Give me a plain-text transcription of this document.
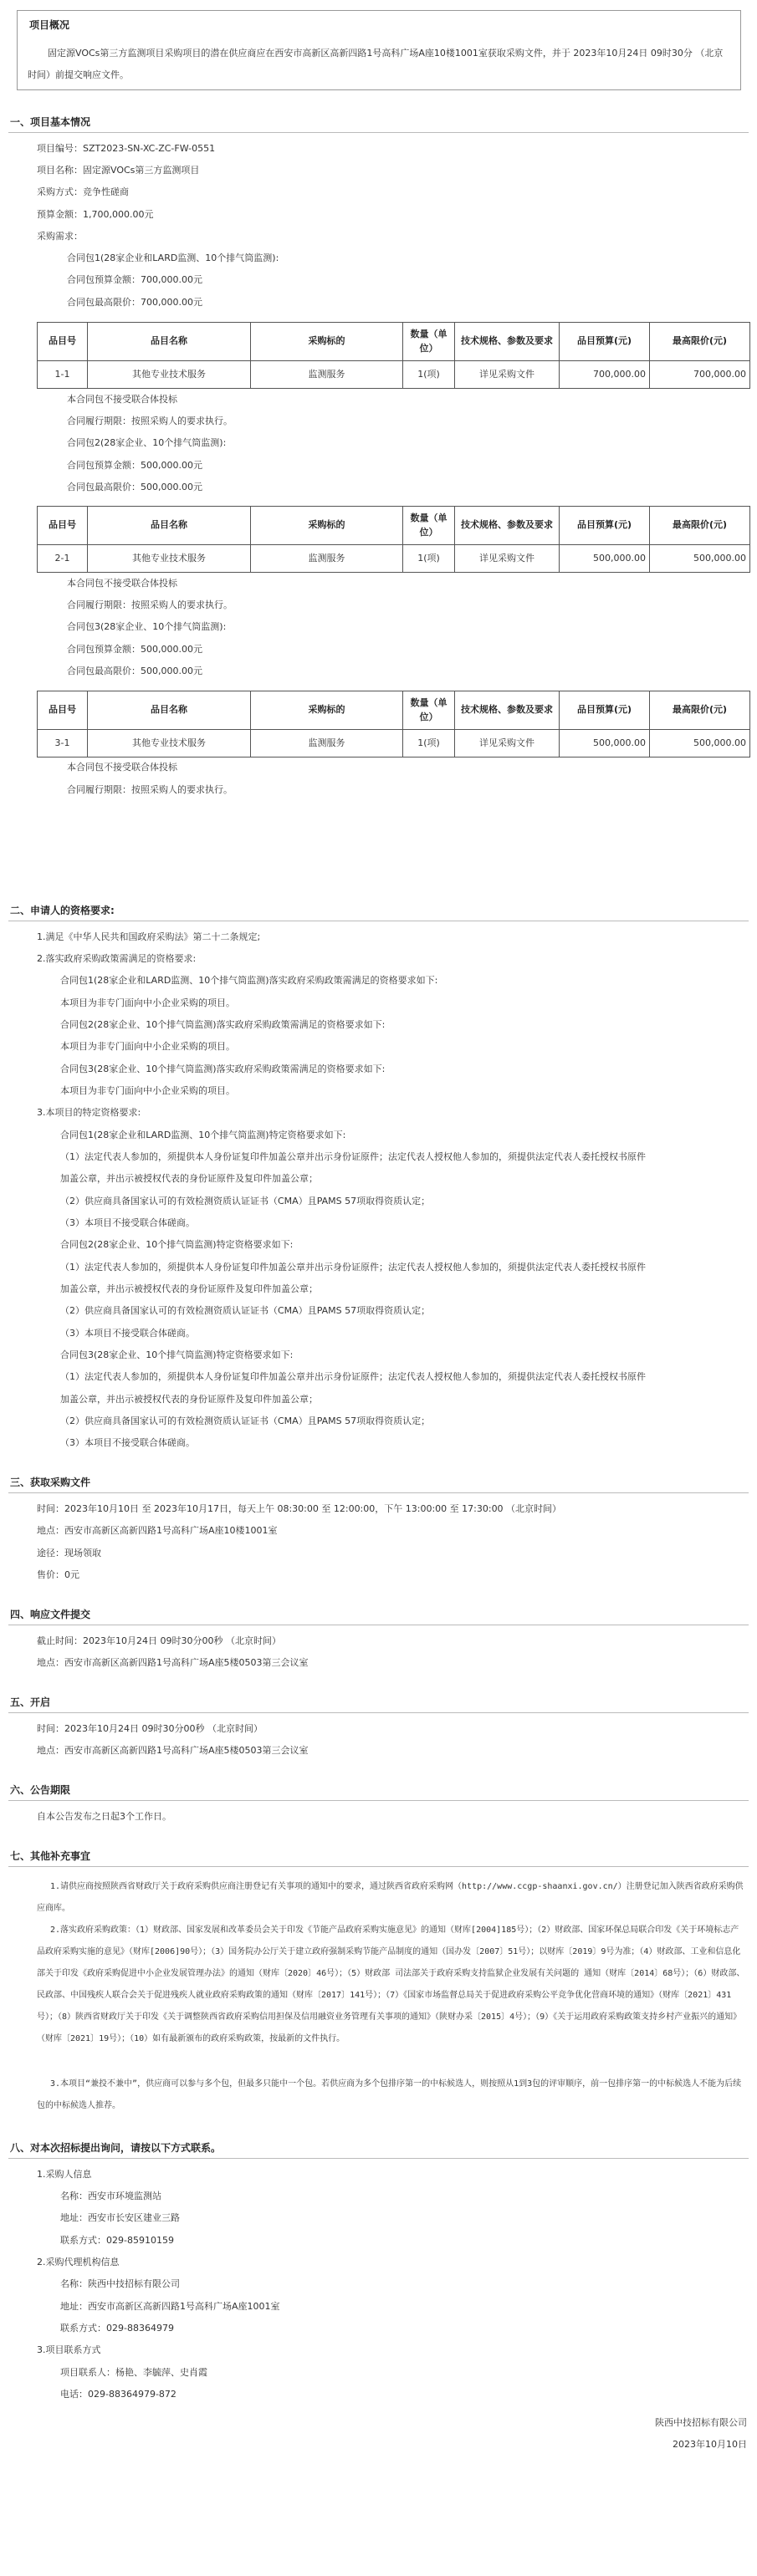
项目概况
固定源VOCs第三方监测项目采购项目的潜在供应商应在西安市高新区高新四路1号高科广场A座10楼1001室获取采购文件，并于 2023年10月24日 09时30分 （北京时间）前提交响应文件。
一、项目基本情况
项目编号：SZT2023-SN-XC-ZC-FW-0551
项目名称：固定源VOCs第三方监测项目
采购方式：竞争性磋商
预算金额：1,700,000.00元
采购需求：
合同包1(28家企业和LARD监测、10个排气筒监测):
合同包预算金额：700,000.00元
合同包最高限价：700,000.00元
品目号	品目名称	采购标的	数量（单位）	技术规格、参数及要求	品目预算(元)	最高限价(元)
1-1	其他专业技术服务	监测服务	1(项)	详见采购文件	700,000.00	700,000.00
本合同包不接受联合体投标
合同履行期限：按照采购人的要求执行。
合同包2(28家企业、10个排气筒监测):
合同包预算金额：500,000.00元
合同包最高限价：500,000.00元
品目号	品目名称	采购标的	数量（单位）	技术规格、参数及要求	品目预算(元)	最高限价(元)
2-1	其他专业技术服务	监测服务	1(项)	详见采购文件	500,000.00	500,000.00
本合同包不接受联合体投标
合同履行期限：按照采购人的要求执行。
合同包3(28家企业、10个排气筒监测):
合同包预算金额：500,000.00元
合同包最高限价：500,000.00元
品目号	品目名称	采购标的	数量（单位）	技术规格、参数及要求	品目预算(元)	最高限价(元)
3-1	其他专业技术服务	监测服务	1(项)	详见采购文件	500,000.00	500,000.00
本合同包不接受联合体投标
合同履行期限：按照采购人的要求执行。
二、申请人的资格要求:
1.满足《中华人民共和国政府采购法》第二十二条规定;
2.落实政府采购政策需满足的资格要求:
合同包1(28家企业和LARD监测、10个排气筒监测)落实政府采购政策需满足的资格要求如下:
本项目为非专门面向中小企业采购的项目。
合同包2(28家企业、10个排气筒监测)落实政府采购政策需满足的资格要求如下:
本项目为非专门面向中小企业采购的项目。
合同包3(28家企业、10个排气筒监测)落实政府采购政策需满足的资格要求如下:
本项目为非专门面向中小企业采购的项目。
3.本项目的特定资格要求:
合同包1(28家企业和LARD监测、10个排气筒监测)特定资格要求如下:
（1）法定代表人参加的，须提供本人身份证复印件加盖公章并出示身份证原件；法定代表人授权他人参加的，须提供法定代表人委托授权书原件
加盖公章，并出示被授权代表的身份证原件及复印件加盖公章；
（2）供应商具备国家认可的有效检测资质认证证书（CMA）且PAMS 57项取得资质认定；
（3）本项目不接受联合体磋商。
合同包2(28家企业、10个排气筒监测)特定资格要求如下:
（1）法定代表人参加的，须提供本人身份证复印件加盖公章并出示身份证原件；法定代表人授权他人参加的，须提供法定代表人委托授权书原件
加盖公章，并出示被授权代表的身份证原件及复印件加盖公章；
（2）供应商具备国家认可的有效检测资质认证证书（CMA）且PAMS 57项取得资质认定；
（3）本项目不接受联合体磋商。
合同包3(28家企业、10个排气筒监测)特定资格要求如下:
（1）法定代表人参加的，须提供本人身份证复印件加盖公章并出示身份证原件；法定代表人授权他人参加的，须提供法定代表人委托授权书原件
加盖公章，并出示被授权代表的身份证原件及复印件加盖公章；
（2）供应商具备国家认可的有效检测资质认证证书（CMA）且PAMS 57项取得资质认定；
（3）本项目不接受联合体磋商。
三、获取采购文件
时间：2023年10月10日 至 2023年10月17日，每天上午 08:30:00 至 12:00:00，下午 13:00:00 至 17:30:00 （北京时间）
地点：西安市高新区高新四路1号高科广场A座10楼1001室
途径：现场领取
售价：0元
四、响应文件提交
截止时间：2023年10月24日 09时30分00秒 （北京时间）
地点：西安市高新区高新四路1号高科广场A座5楼0503第三会议室
五、开启
时间：2023年10月24日 09时30分00秒 （北京时间）
地点：西安市高新区高新四路1号高科广场A座5楼0503第三会议室
六、公告期限
自本公告发布之日起3个工作日。
七、其他补充事宜
1.请供应商按照陕西省财政厅关于政府采购供应商注册登记有关事项的通知中的要求，通过陕西省政府采购网（http://www.ccgp-shaanxi.gov.cn/）注册登记加入陕西省政府采购供应商库。
2.落实政府采购政策：（1）财政部、国家发展和改革委员会关于印发《节能产品政府采购实施意见》的通知（财库[2004]185号）；（2）财政部、国家环保总局联合印发《关于环境标志产品政府采购实施的意见》（财库[2006]90号）；（3）国务院办公厅关于建立政府强制采购节能产品制度的通知（国办发〔2007〕51号）；以财库〔2019〕9号为准；（4）财政部、工业和信息化部关于印发《政府采购促进中小企业发展管理办法》的通知（财库〔2020〕46号）；（5）财政部 司法部关于政府采购支持监狱企业发展有关问题的 通知（财库〔2014〕68号）；（6）财政部、民政部、中国残疾人联合会关于促进残疾人就业政府采购政策的通知（财库〔2017〕141号）；（7）《国家市场监督总局关于促进政府采购公平竞争优化营商环境的通知》（财库〔2021〕431号）；（8）陕西省财政厅关于印发《关于调整陕西省政府采购信用担保及信用融资业务管理有关事项的通知》（陕财办采〔2015〕4号）；（9）《关于运用政府采购政策支持乡村产业振兴的通知》（财库〔2021〕19号）；（10）如有最新颁布的政府采购政策，按最新的文件执行。
3.本项目“兼投不兼中”，供应商可以参与多个包，但最多只能中一个包。若供应商为多个包排序第一的中标候选人，则按照从1到3包的评审顺序，前一包排序第一的中标候选人不能为后续包的中标候选人推荐。
八、对本次招标提出询问，请按以下方式联系。
1.采购人信息
名称：西安市环境监测站
地址：西安市长安区建业三路
联系方式：029-85910159
2.采购代理机构信息
名称：陕西中技招标有限公司
地址：西安市高新区高新四路1号高科广场A座1001室
联系方式：029-88364979
3.项目联系方式
项目联系人：杨艳、李毓萍、史肖霞
电话：029-88364979-872
陕西中技招标有限公司
2023年10月10日
